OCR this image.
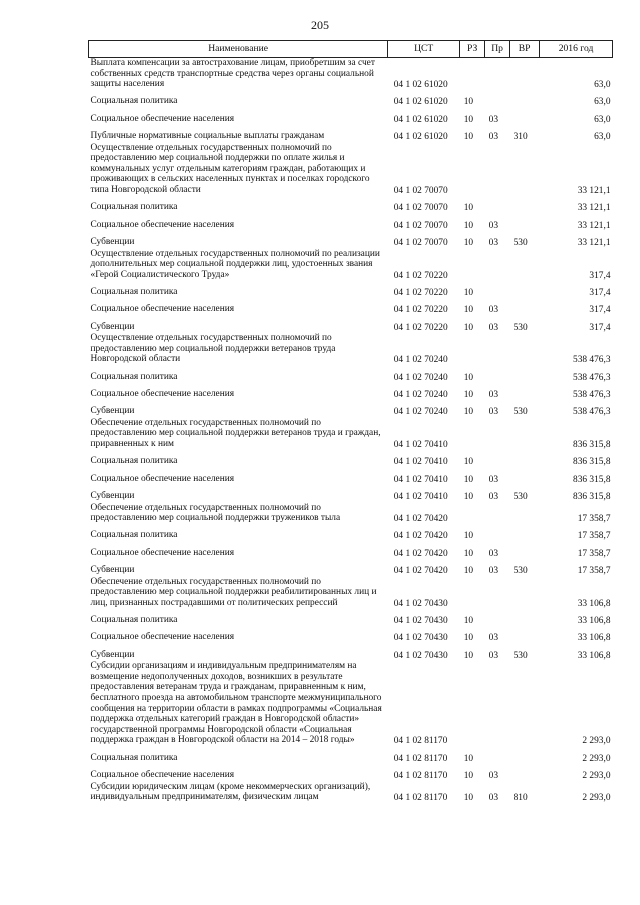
205
Наименование	ЦСТ	РЗ	Пр	ВР	2016 год
Выплата компенсации за автострахование лицам, приобретшим за счет собственных средств транспортные средства через органы социальной защиты населения	04 1 02 61020				63,0
Социальная политика	04 1 02 61020	10			63,0
Социальное обеспечение населения	04 1 02 61020	10	03		63,0
Публичные нормативные социальные выплаты гражданам	04 1 02 61020	10	03	310	63,0
Осуществление отдельных государственных полномочий по предоставлению мер социальной поддержки по оплате жилья и коммунальных услуг отдельным категориям граждан, работающих и проживающих в сельских населенных пунктах и поселках городского типа Новгородской области	04 1 02 70070				33 121,1
Социальная политика	04 1 02 70070	10			33 121,1
Социальное обеспечение населения	04 1 02 70070	10	03		33 121,1
Субвенции	04 1 02 70070	10	03	530	33 121,1
Осуществление отдельных государственных полномочий по реализации дополнительных мер социальной поддержки лиц, удостоенных звания «Герой Социалистического Труда»	04 1 02 70220				317,4
Социальная политика	04 1 02 70220	10			317,4
Социальное обеспечение населения	04 1 02 70220	10	03		317,4
Субвенции	04 1 02 70220	10	03	530	317,4
Осуществление отдельных государственных полномочий по предоставлению мер социальной поддержки ветеранов труда Новгородской области	04 1 02 70240				538 476,3
Социальная политика	04 1 02 70240	10			538 476,3
Социальное обеспечение населения	04 1 02 70240	10	03		538 476,3
Субвенции	04 1 02 70240	10	03	530	538 476,3
Обеспечение отдельных государственных полномочий по предоставлению мер социальной поддержки ветеранов труда и граждан, приравненных к ним	04 1 02 70410				836 315,8
Социальная политика	04 1 02 70410	10			836 315,8
Социальное обеспечение населения	04 1 02 70410	10	03		836 315,8
Субвенции	04 1 02 70410	10	03	530	836 315,8
Обеспечение отдельных государственных полномочий по предоставлению мер социальной поддержки тружеников тыла	04 1 02 70420				17 358,7
Социальная политика	04 1 02 70420	10			17 358,7
Социальное обеспечение населения	04 1 02 70420	10	03		17 358,7
Субвенции	04 1 02 70420	10	03	530	17 358,7
Обеспечение отдельных государственных полномочий по предоставлению мер социальной поддержки реабилитированных лиц и лиц, признанных пострадавшими от политических репрессий	04 1 02 70430				33 106,8
Социальная политика	04 1 02 70430	10			33 106,8
Социальное обеспечение населения	04 1 02 70430	10	03		33 106,8
Субвенции	04 1 02 70430	10	03	530	33 106,8
Субсидии организациям и индивидуальным предпринимателям на возмещение недополученных доходов, возникших в результате предоставления ветеранам труда и гражданам, приравненным к ним, бесплатного проезда на автомобильном транспорте межмуниципального сообщения на территории области в рамках подпрограммы «Социальная поддержка отдельных категорий граждан в Новгородской области» государственной программы Новгородской области «Социальная поддержка граждан в Новгородской области на 2014 – 2018 годы»	04 1 02 81170				2 293,0
Социальная политика	04 1 02 81170	10			2 293,0
Социальное обеспечение населения	04 1 02 81170	10	03		2 293,0
Субсидии юридическим лицам (кроме некоммерческих организаций), индивидуальным предпринимателям, физическим лицам	04 1 02 81170	10	03	810	2 293,0
